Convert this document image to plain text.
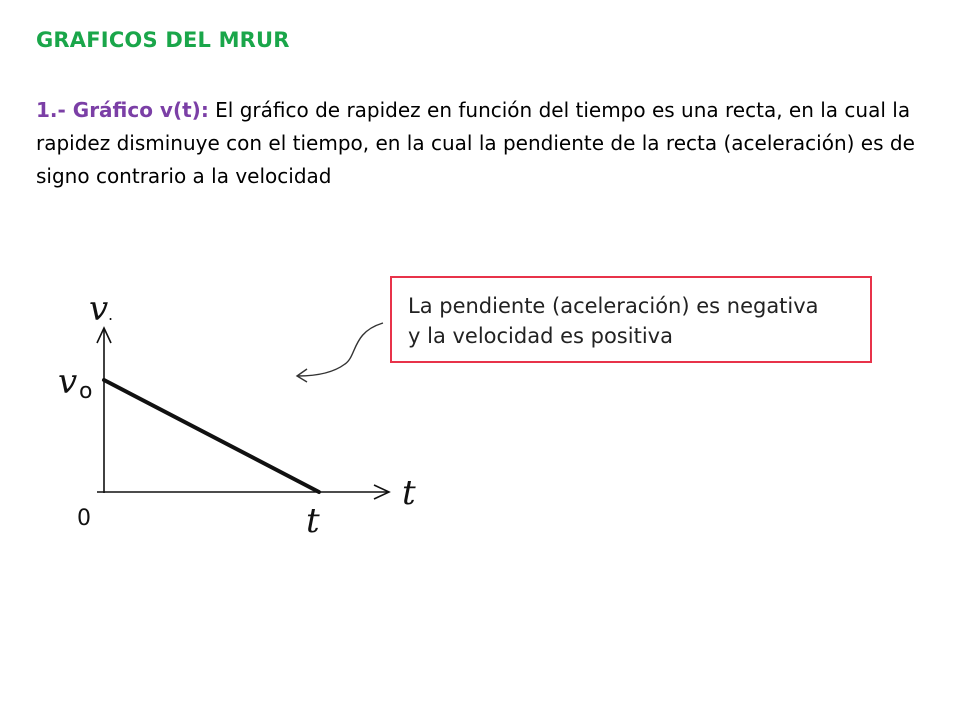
GRAFICOS DEL MRUR
1.- Gráfico v(t): El gráfico de rapidez en función del tiempo es una recta, en la cual la rapidez disminuye con el tiempo, en la cual la pendiente de la recta (aceleración) es de signo contrario a la velocidad
La pendiente (aceleración) es negativa
y la velocidad es positiva
v .
v o
0
t
t
